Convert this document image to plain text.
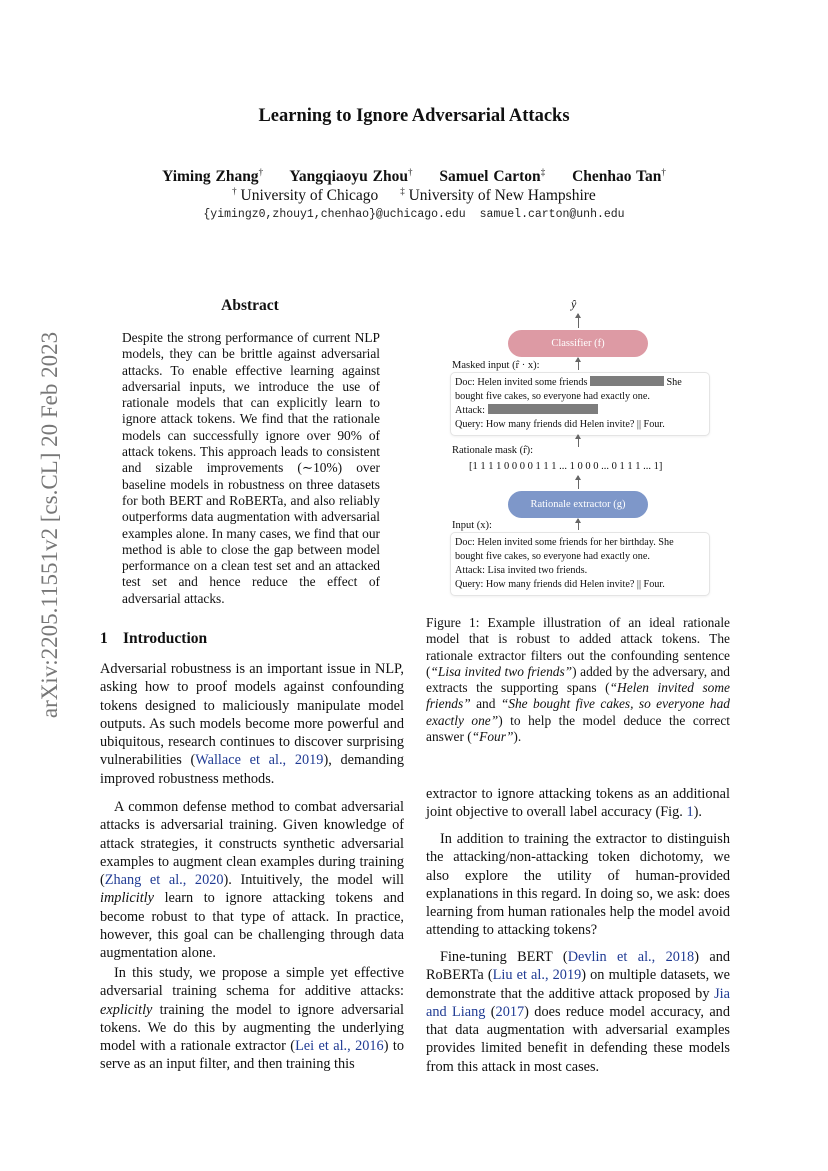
arXiv:2205.11551v2 [cs.CL] 20 Feb 2023
Learning to Ignore Adversarial Attacks
Yiming Zhang† Yangqiaoyu Zhou† Samuel Carton‡ Chenhao Tan†
† University of Chicago ‡ University of New Hampshire
{yimingz0,zhouy1,chenhao}@uchicago.edu samuel.carton@unh.edu
Abstract
Despite the strong performance of current NLP models, they can be brittle against adversarial attacks. To enable effective learning against adversarial inputs, we introduce the use of rationale models that can explicitly learn to ignore attack tokens. We find that the rationale models can successfully ignore over 90% of attack tokens. This approach leads to consistent and sizable improvements (∼10%) over baseline models in robustness on three datasets for both BERT and RoBERTa, and also reliably outperforms data augmentation with adversarial examples alone. In many cases, we find that our method is able to close the gap between model performance on a clean test set and an attacked test set and hence reduce the effect of adversarial attacks.
1 Introduction
Adversarial robustness is an important issue in NLP, asking how to proof models against confounding tokens designed to maliciously manipulate model outputs. As such models become more powerful and ubiquitous, research continues to discover surprising vulnerabilities (Wallace et al., 2019), demanding improved robustness methods.
A common defense method to combat adversarial attacks is adversarial training. Given knowledge of attack strategies, it constructs synthetic adversarial examples to augment clean examples during training (Zhang et al., 2020). Intuitively, the model will implicitly learn to ignore attacking tokens and become robust to that type of attack. In practice, however, this goal can be challenging through data augmentation alone.
In this study, we propose a simple yet effective adversarial training schema for additive attacks: explicitly training the model to ignore adversarial tokens. We do this by augmenting the underlying model with a rationale extractor (Lei et al., 2016) to serve as an input filter, and then training this
extractor to ignore attacking tokens as an additional joint objective to overall label accuracy (Fig. 1).
In addition to training the extractor to distinguish the attacking/non-attacking token dichotomy, we also explore the utility of human-provided explanations in this regard. In doing so, we ask: does learning from human rationales help the model avoid attending to attacking tokens?
Fine-tuning BERT (Devlin et al., 2018) and RoBERTa (Liu et al., 2019) on multiple datasets, we demonstrate that the additive attack proposed by Jia and Liang (2017) does reduce model accuracy, and that data augmentation with adversarial examples provides limited benefit in defending these models from this attack in most cases.
ŷ
Classifier (f)
Masked input (r̂ · x):
Doc: Helen invited some friends	She
bought five cakes, so everyone had exactly one.
Attack:
Query: How many friends did Helen invite? || Four.
Rationale mask (r̂):
[1 1 1 1 0 0 0 0 1 1 1 ... 1 0 0 0 ... 0 1 1 1 ... 1]
Rationale extractor (g)
Input (x):
Doc: Helen invited some friends for her birthday. She
bought five cakes, so everyone had exactly one.
Attack: Lisa invited two friends.
Query: How many friends did Helen invite? || Four.
Figure 1: Example illustration of an ideal rationale model that is robust to added attack tokens. The rationale extractor filters out the confounding sentence (“Lisa invited two friends”) added by the adversary, and extracts the supporting spans (“Helen invited some friends” and “She bought five cakes, so everyone had exactly one”) to help the model deduce the correct answer (“Four”).
